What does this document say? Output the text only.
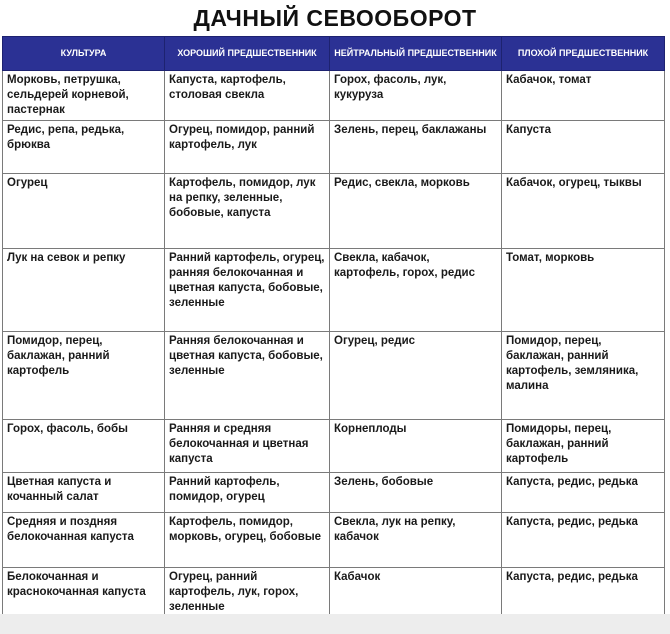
ДАЧНЫЙ СЕВООБОРОТ
КУЛЬТУРА	ХОРОШИЙ ПРЕДШЕСТВЕННИК	НЕЙТРАЛЬНЫЙ ПРЕДШЕСТВЕННИК	ПЛОХОЙ ПРЕДШЕСТВЕННИК
Морковь, петрушка, сельдерей корневой, пастернак	Капуста, картофель, столовая свекла	Горох, фасоль, лук, кукуруза	Кабачок, томат
Редис, репа, редька, брюква	Огурец, помидор, ранний картофель, лук	Зелень, перец, баклажаны	Капуста
Огурец	Картофель, помидор, лук на репку, зеленные, бобовые, капуста	Редис, свекла, морковь	Кабачок, огурец, тыквы
Лук на севок и репку	Ранний картофель, огурец, ранняя белокочанная и цветная капуста, бобовые, зеленные	Свекла, кабачок, картофель, горох, редис	Томат, морковь
Помидор, перец, баклажан, ранний картофель	Ранняя белокочанная и цветная капуста, бобовые, зеленные	Огурец, редис	Помидор, перец, баклажан, ранний картофель, земляника, малина
Горох, фасоль, бобы	Ранняя и средняя белокочанная и цветная капуста	Корнеплоды	Помидоры, перец, баклажан, ранний картофель
Цветная капуста и кочанный салат	Ранний картофель, помидор, огурец	Зелень, бобовые	Капуста, редис, редька
Средняя и поздняя белокочанная капуста	Картофель, помидор, морковь, огурец, бобовые	Свекла, лук на репку, кабачок	Капуста, редис, редька
Белокочанная и краснокочанная капуста	Огурец, ранний картофель, лук, горох, зеленные	Кабачок	Капуста, редис, редька
